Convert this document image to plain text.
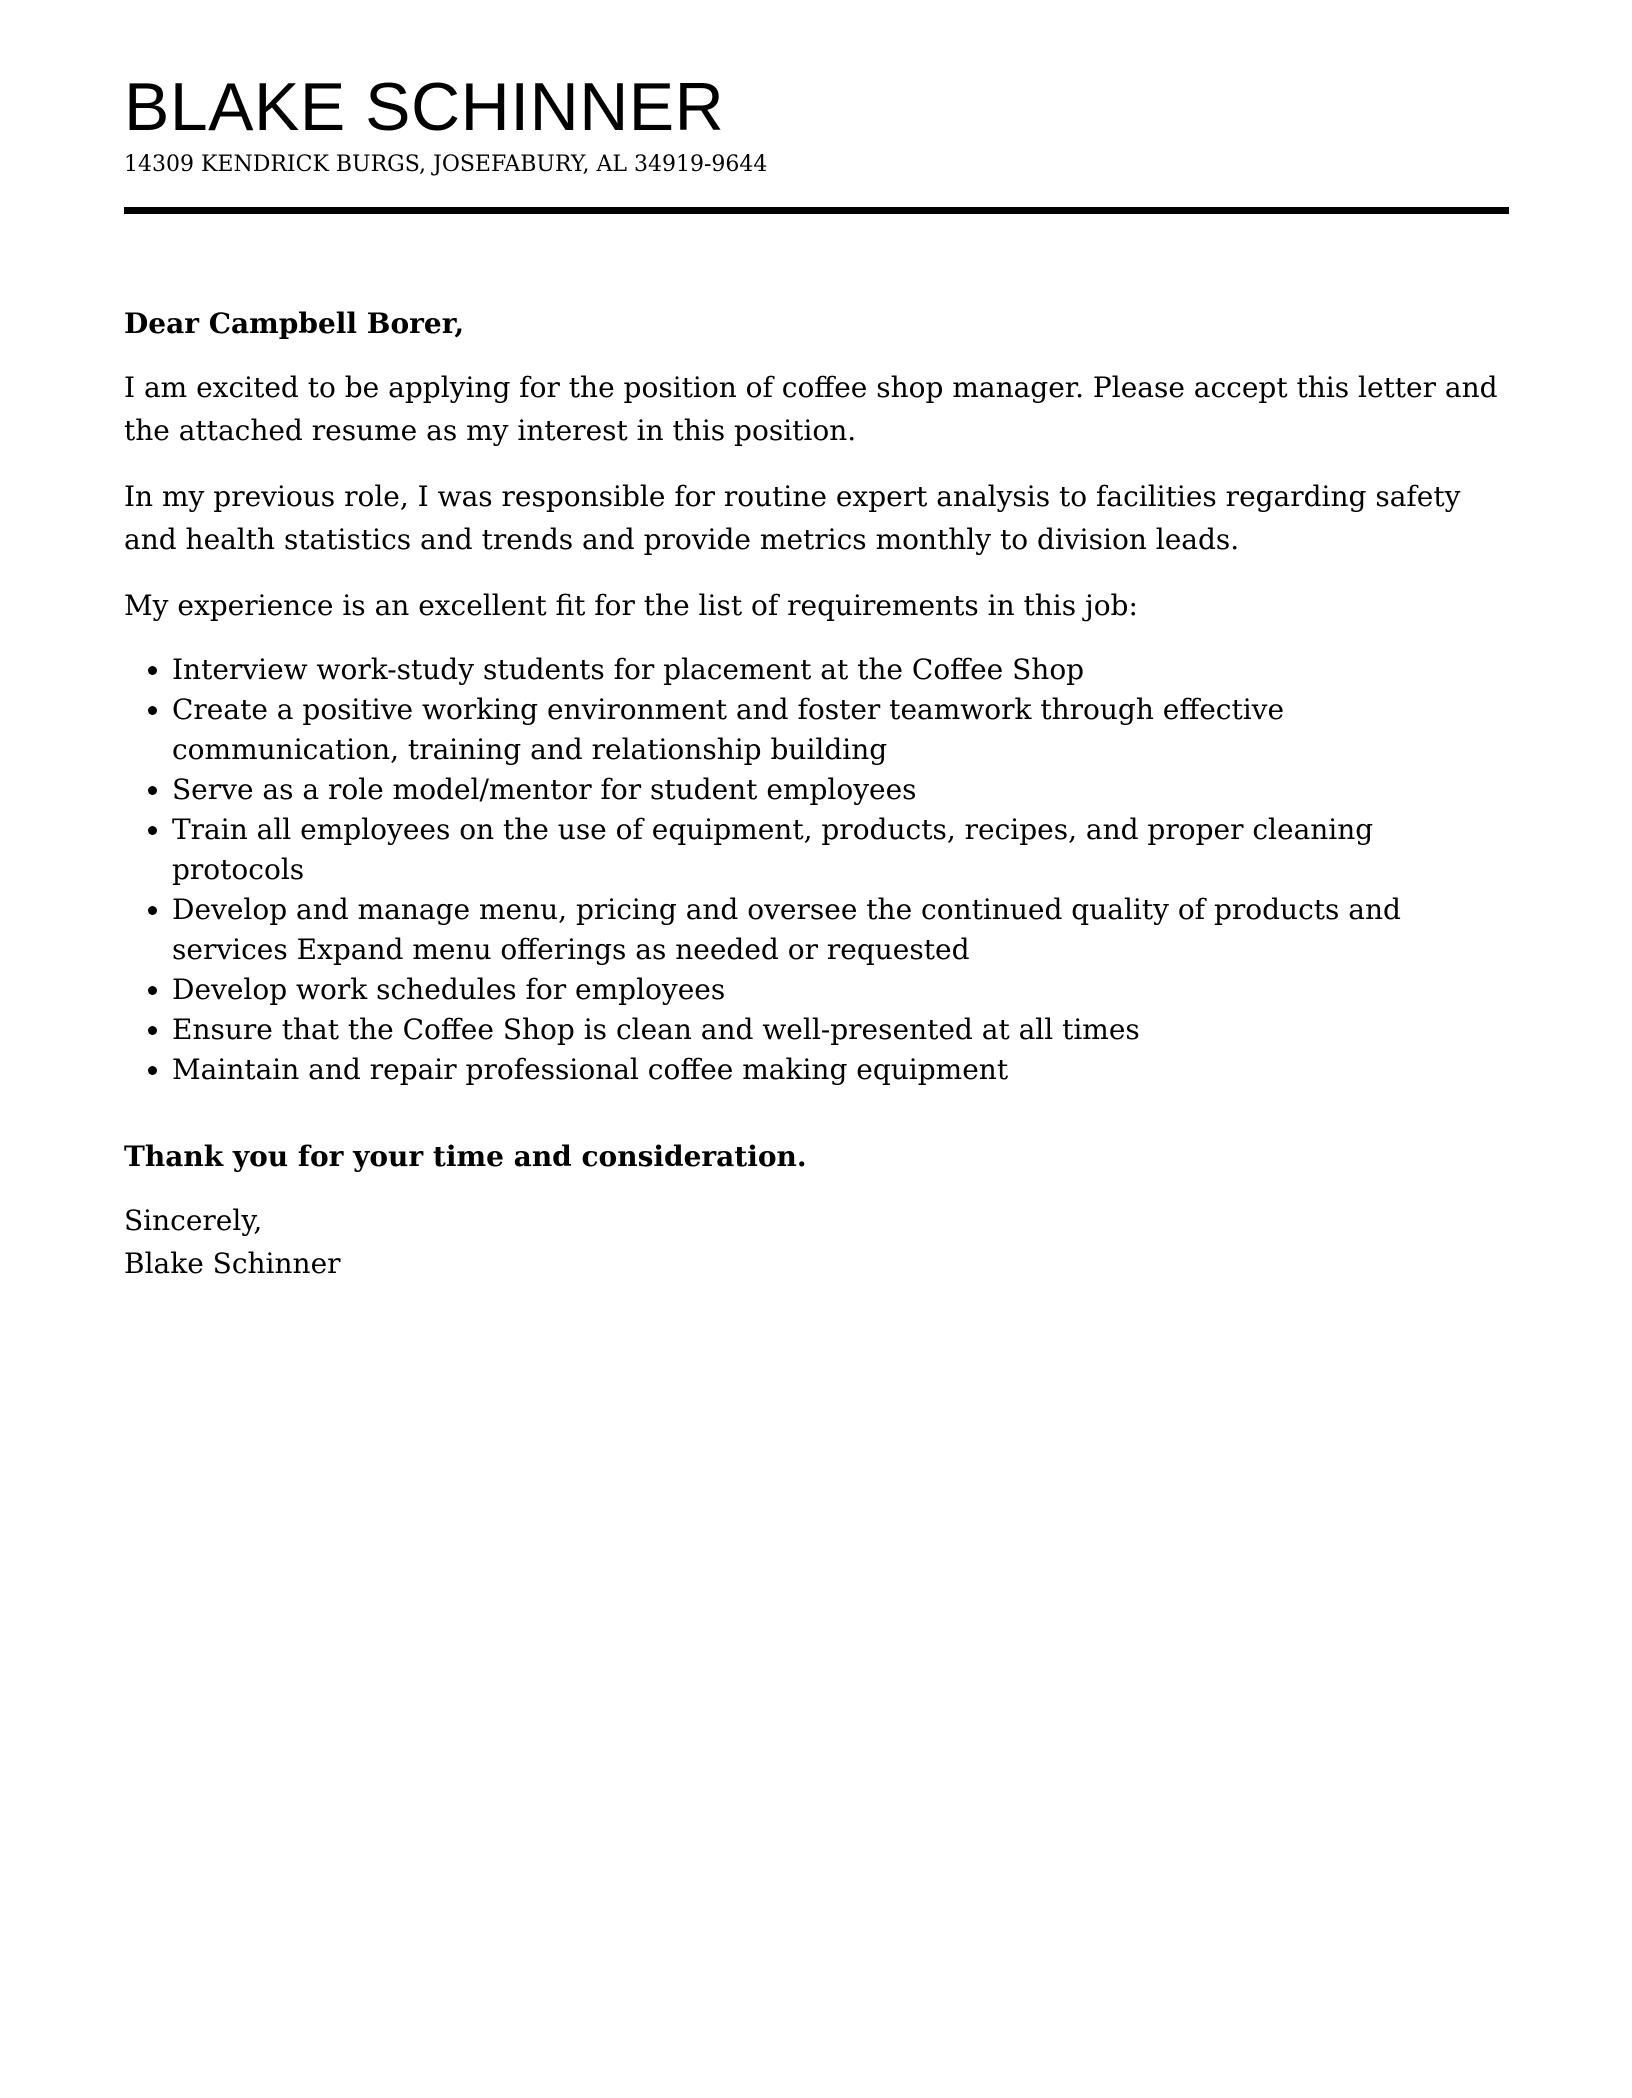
BLAKE SCHINNER
14309 KENDRICK BURGS, JOSEFABURY, AL 34919-9644

Dear Campbell Borer,

I am excited to be applying for the position of coffee shop manager. Please accept this letter and the attached resume as my interest in this position.

In my previous role, I was responsible for routine expert analysis to facilities regarding safety and health statistics and trends and provide metrics monthly to division leads.

My experience is an excellent fit for the list of requirements in this job:

• Interview work-study students for placement at the Coffee Shop
• Create a positive working environment and foster teamwork through effective communication, training and relationship building
• Serve as a role model/mentor for student employees
• Train all employees on the use of equipment, products, recipes, and proper cleaning protocols
• Develop and manage menu, pricing and oversee the continued quality of products and services Expand menu offerings as needed or requested
• Develop work schedules for employees
• Ensure that the Coffee Shop is clean and well-presented at all times
• Maintain and repair professional coffee making equipment

Thank you for your time and consideration.

Sincerely,
Blake Schinner
